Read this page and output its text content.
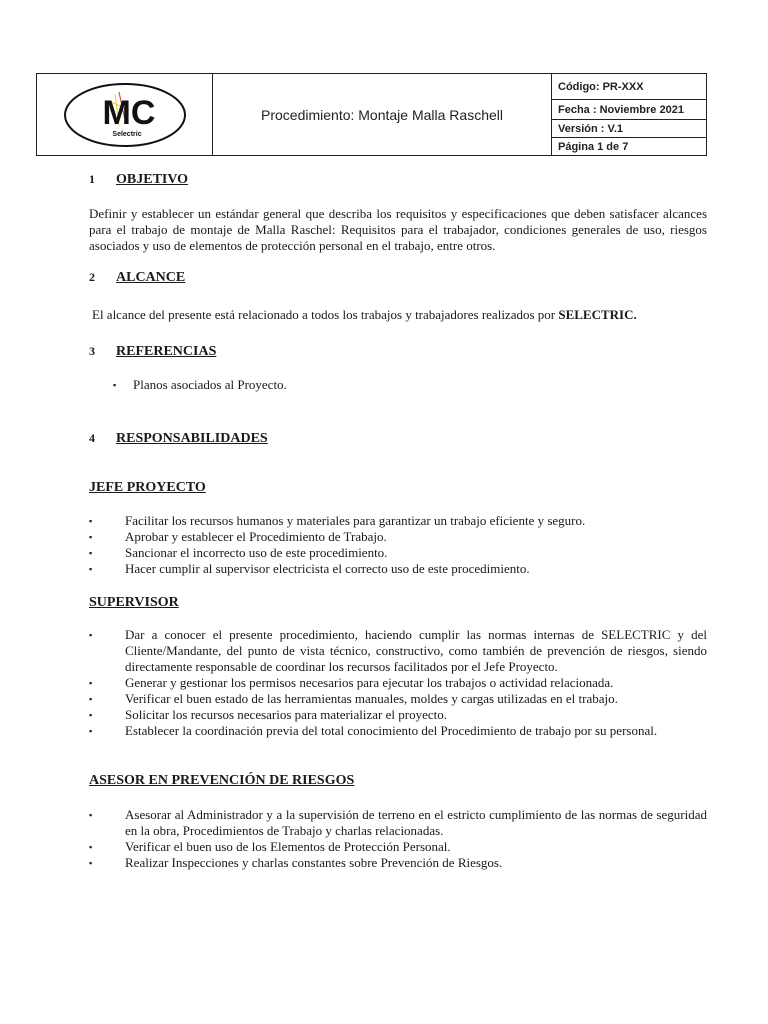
MC
Selectric
Procedimiento: Montaje Malla Raschell
Código: PR-XXX
Fecha : Noviembre 2021
Versión : V.1
Página 1 de 7
1 OBJETIVO

Definir y establecer un estándar general que describa los requisitos y especificaciones que deben satisfacer alcances para el trabajo de montaje de Malla Raschel: Requisitos para el trabajador, condiciones generales de uso, riesgos asociados y uso de elementos de protección personal en el trabajo, entre otros.

2 ALCANCE

El alcance del presente está relacionado a todos los trabajos y trabajadores realizados por SELECTRIC.

3 REFERENCIAS
▪ Planos asociados al Proyecto.
4 RESPONSABILIDADES
JEFE PROYECTO
▪	Facilitar los recursos humanos y materiales para garantizar un trabajo eficiente y seguro.
▪	Aprobar y establecer el Procedimiento de Trabajo.
▪	Sancionar el incorrecto uso de este procedimiento.
▪	Hacer cumplir al supervisor electricista el correcto uso de este procedimiento.
SUPERVISOR
▪	Dar a conocer el presente procedimiento, haciendo cumplir las normas internas de SELECTRIC y del Cliente/Mandante, del punto de vista técnico, constructivo, como también de prevención de riesgos, siendo directamente responsable de coordinar los recursos facilitados por el Jefe Proyecto.
▪	Generar y gestionar los permisos necesarios para ejecutar los trabajos o actividad relacionada.
▪	Verificar el buen estado de las herramientas manuales, moldes y cargas utilizadas en el trabajo.
▪	Solicitar los recursos necesarios para materializar el proyecto.
▪	Establecer la coordinación previa del total conocimiento del Procedimiento de trabajo por su personal.
ASESOR EN PREVENCIÓN DE RIESGOS
▪	Asesorar al Administrador y a la supervisión de terreno en el estricto cumplimiento de las normas de seguridad en la obra, Procedimientos de Trabajo y charlas relacionadas.
▪	Verificar el buen uso de los Elementos de Protección Personal.
▪	Realizar Inspecciones y charlas constantes sobre Prevención de Riesgos.
